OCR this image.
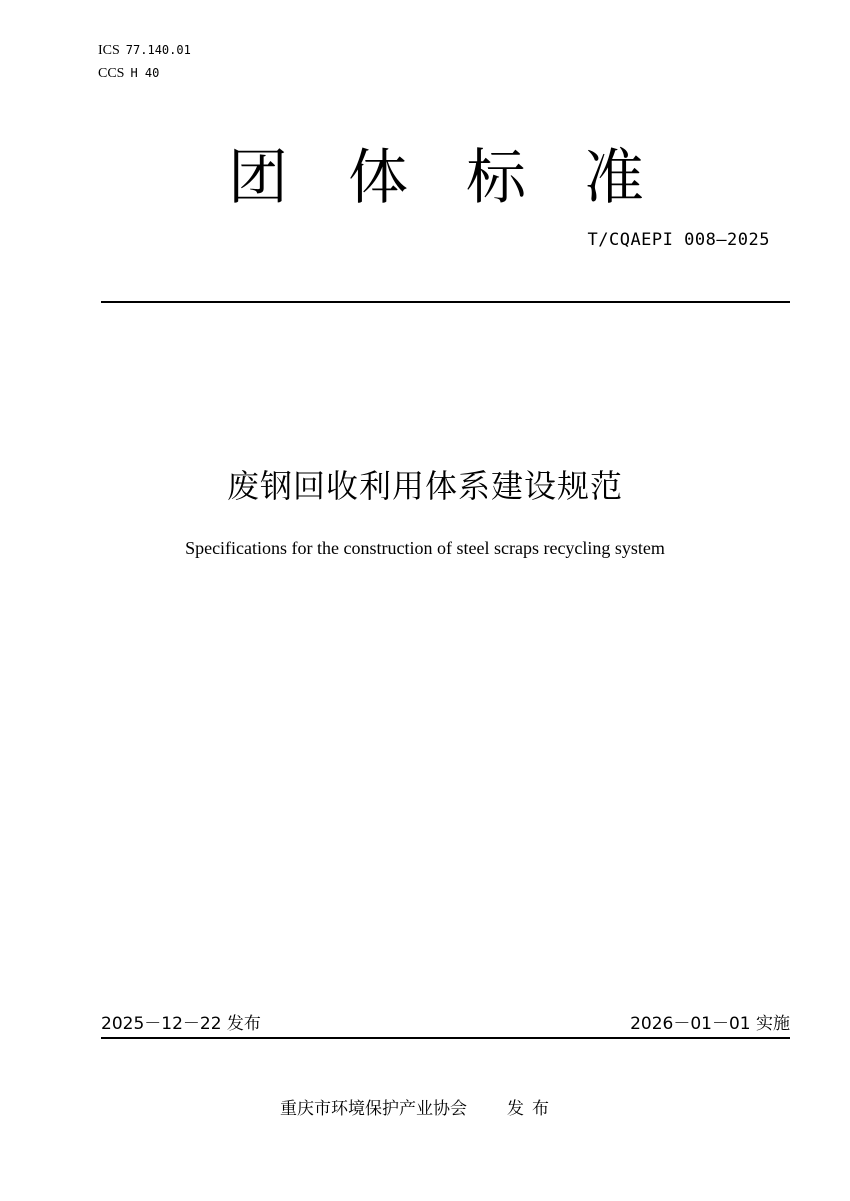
ICS 77.140.01
CCS H 40
团 体 标 准
T/CQAEPI 008—2025
废钢回收利用体系建设规范
Specifications for the construction of steel scraps recycling system
2025－12－22 发布	2026－01－01 实施
重庆市环境保护产业协会 发布
